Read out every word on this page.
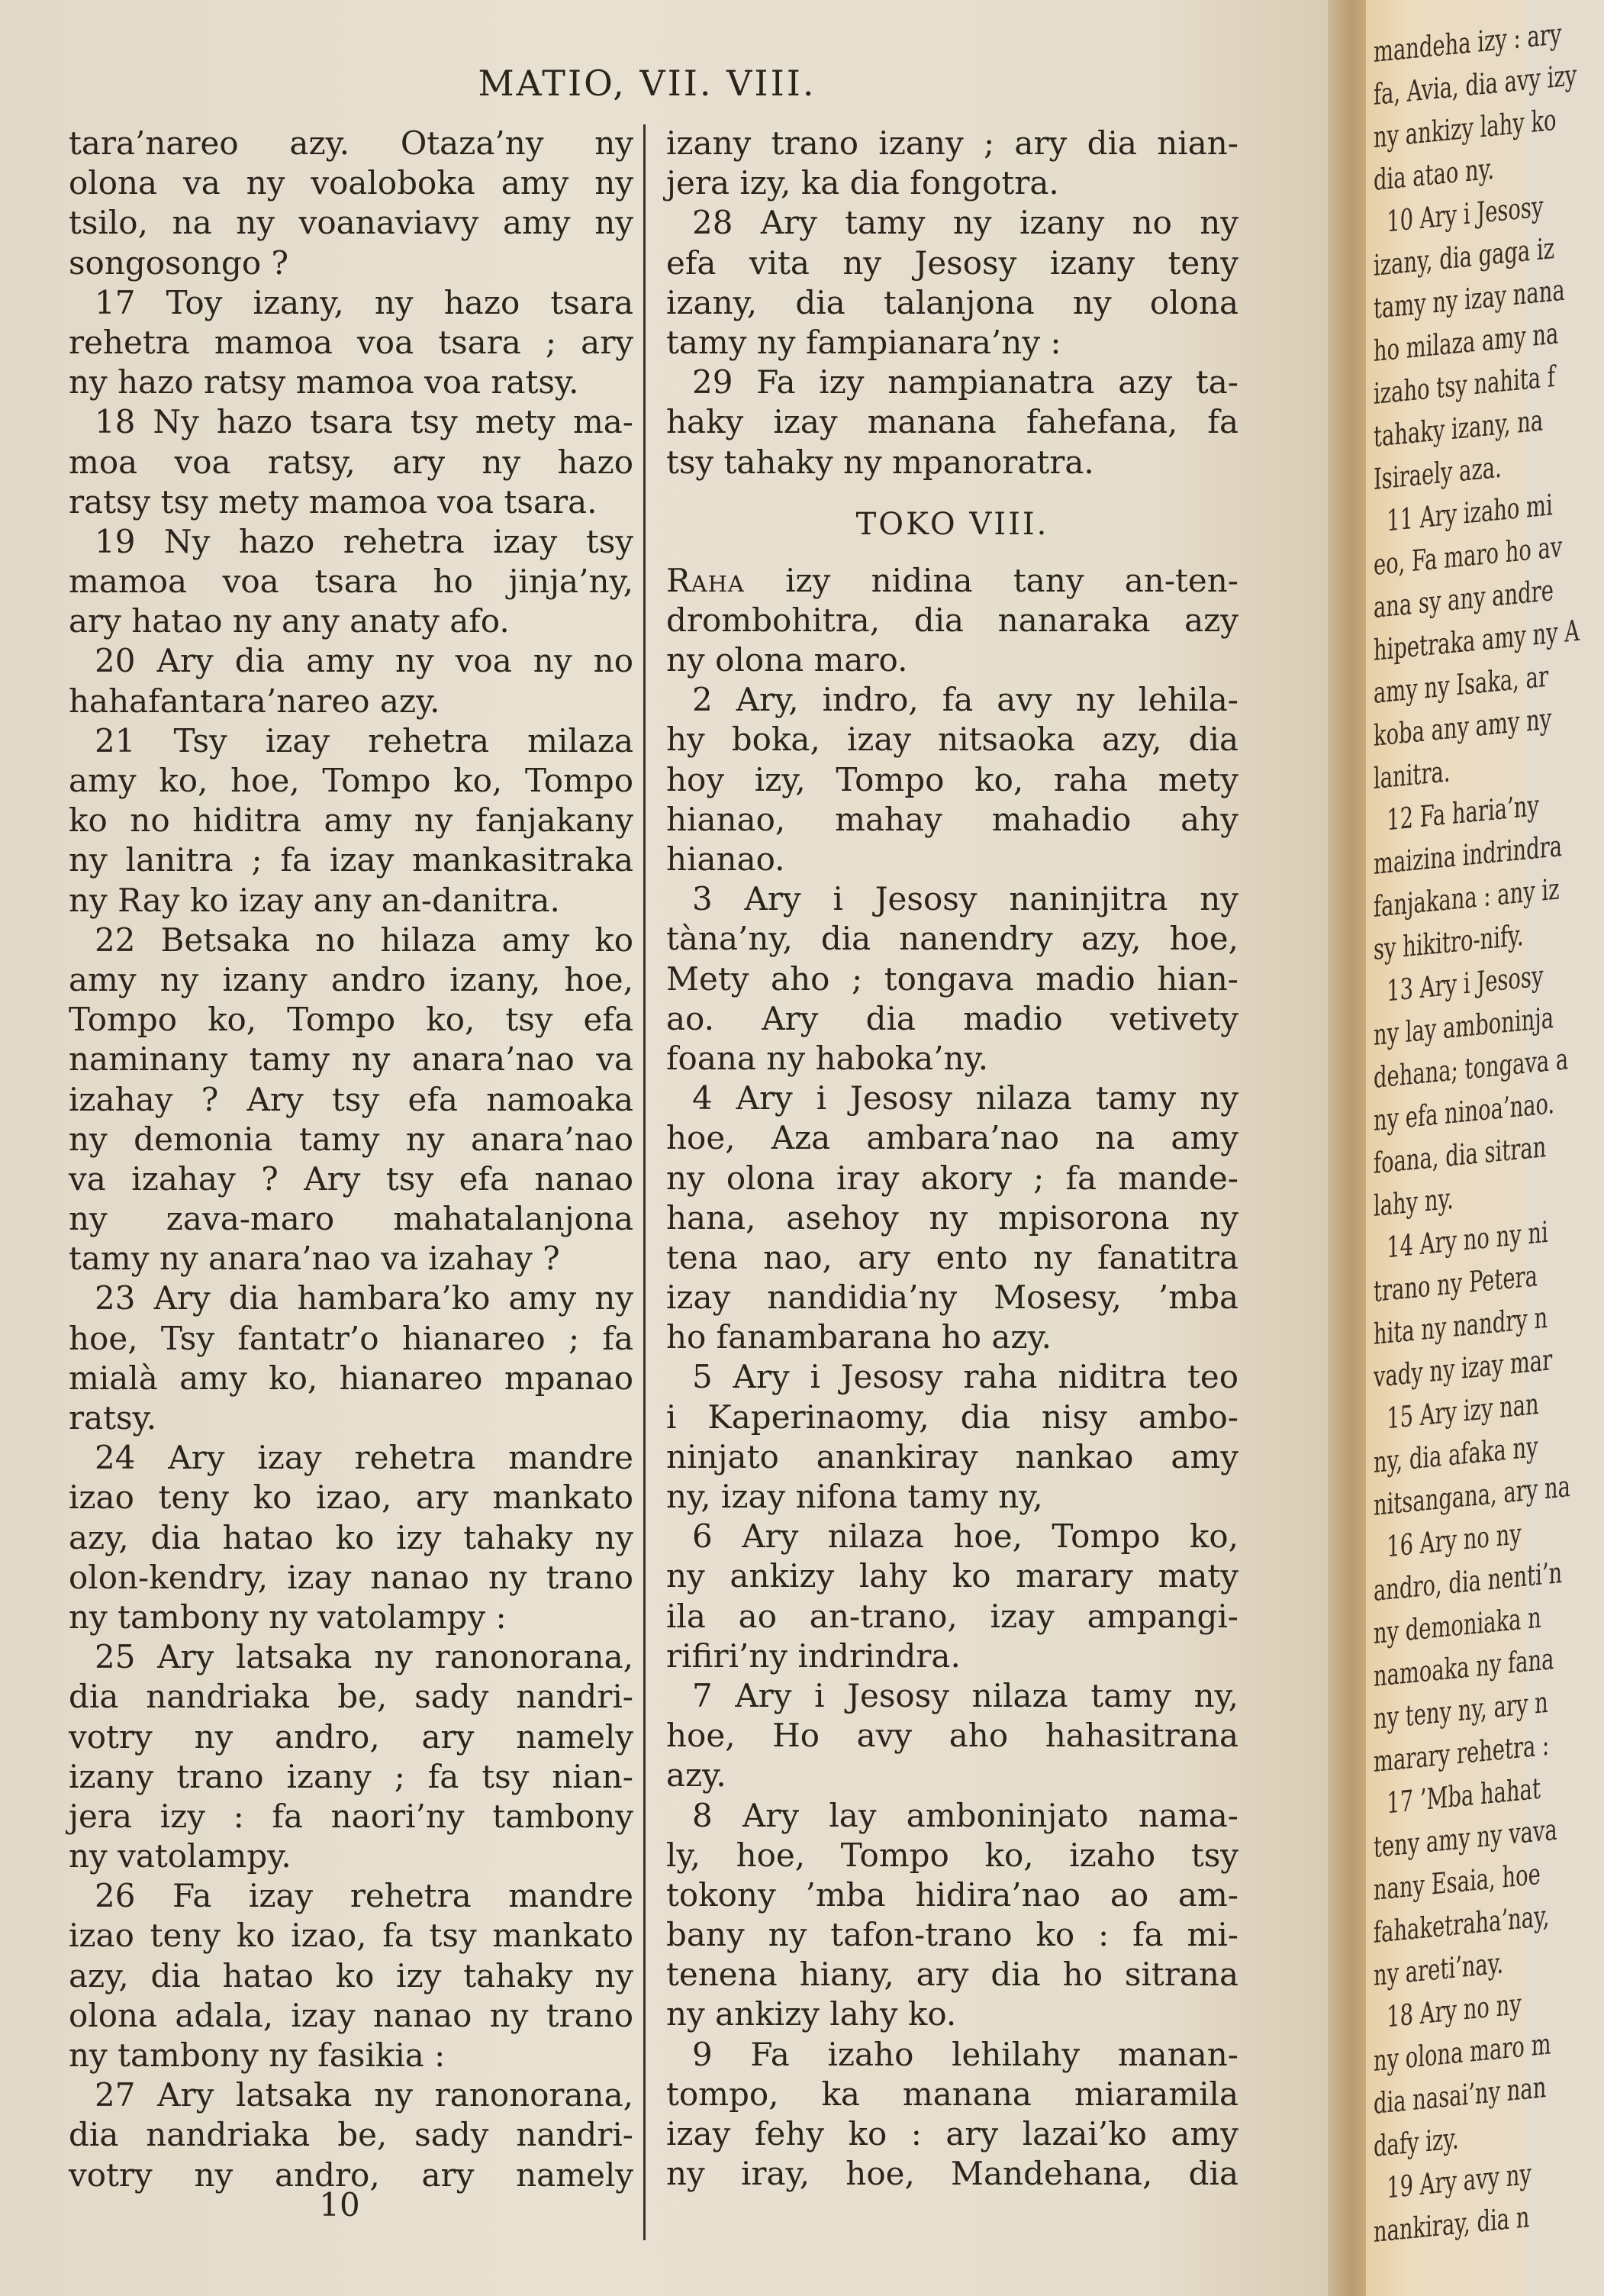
MATIO, VII. VIII.
tara’nareo azy. Otaza’ny ny
olona va ny voaloboka amy ny
tsilo, na ny voanaviavy amy ny
songosongo ?
17 Toy izany, ny hazo tsara
rehetra mamoa voa tsara ; ary
ny hazo ratsy mamoa voa ratsy.
18 Ny hazo tsara tsy mety ma-
moa voa ratsy, ary ny hazo
ratsy tsy mety mamoa voa tsara.
19 Ny hazo rehetra izay tsy
mamoa voa tsara ho jinja’ny,
ary hatao ny any anaty afo.
20 Ary dia amy ny voa ny no
hahafantara’nareo azy.
21 Tsy izay rehetra milaza
amy ko, hoe, Tompo ko, Tompo
ko no hiditra amy ny fanjakany
ny lanitra ; fa izay mankasitraka
ny Ray ko izay any an-danitra.
22 Betsaka no hilaza amy ko
amy ny izany andro izany, hoe,
Tompo ko, Tompo ko, tsy efa
naminany tamy ny anara’nao va
izahay ? Ary tsy efa namoaka
ny demonia tamy ny anara’nao
va izahay ? Ary tsy efa nanao
ny zava-maro mahatalanjona
tamy ny anara’nao va izahay ?
23 Ary dia hambara’ko amy ny
hoe, Tsy fantatr’o hianareo ; fa
mialà amy ko, hianareo mpanao
ratsy.
24 Ary izay rehetra mandre
izao teny ko izao, ary mankato
azy, dia hatao ko izy tahaky ny
olon-kendry, izay nanao ny trano
ny tambony ny vatolampy :
25 Ary latsaka ny ranonorana,
dia nandriaka be, sady nandri-
votry ny andro, ary namely
izany trano izany ; fa tsy nian-
jera izy : fa naori’ny tambony
ny vatolampy.
26 Fa izay rehetra mandre
izao teny ko izao, fa tsy mankato
azy, dia hatao ko izy tahaky ny
olona adala, izay nanao ny trano
ny tambony ny fasikia :
27 Ary latsaka ny ranonorana,
dia nandriaka be, sady nandri-
votry ny andro, ary namely
izany trano izany ; ary dia nian-
jera izy, ka dia fongotra.
28 Ary tamy ny izany no ny
efa vita ny Jesosy izany teny
izany, dia talanjona ny olona
tamy ny fampianara’ny :
29 Fa izy nampianatra azy ta-
haky izay manana fahefana, fa
tsy tahaky ny mpanoratra.
TOKO VIII.
Raha izy nidina tany an-ten-
drombohitra, dia nanaraka azy
ny olona maro.
2 Ary, indro, fa avy ny lehila-
hy boka, izay nitsaoka azy, dia
hoy izy, Tompo ko, raha mety
hianao, mahay mahadio ahy
hianao.
3 Ary i Jesosy naninjitra ny
tàna’ny, dia nanendry azy, hoe,
Mety aho ; tongava madio hian-
ao. Ary dia madio vetivety
foana ny haboka’ny.
4 Ary i Jesosy nilaza tamy ny
hoe, Aza ambara’nao na amy
ny olona iray akory ; fa mande-
hana, asehoy ny mpisorona ny
tena nao, ary ento ny fanatitra
izay nandidia’ny Mosesy, ’mba
ho fanambarana ho azy.
5 Ary i Jesosy raha niditra teo
i Kaperinaomy, dia nisy ambo-
ninjato anankiray nankao amy
ny, izay nifona tamy ny,
6 Ary nilaza hoe, Tompo ko,
ny ankizy lahy ko marary maty
ila ao an-trano, izay ampangi-
rifiri’ny indrindra.
7 Ary i Jesosy nilaza tamy ny,
hoe, Ho avy aho hahasitrana
azy.
8 Ary lay amboninjato nama-
ly, hoe, Tompo ko, izaho tsy
tokony ’mba hidira’nao ao am-
bany ny tafon-trano ko : fa mi-
tenena hiany, ary dia ho sitrana
ny ankizy lahy ko.
9 Fa izaho lehilahy manan-
tompo, ka manana miaramila
izay fehy ko : ary lazai’ko amy
ny iray, hoe, Mandehana, dia
10
mandeha izy : ary
fa, Avia, dia avy izy
ny ankizy lahy ko
dia atao ny.
10 Ary i Jesosy
izany, dia gaga iz
tamy ny izay nana
ho milaza amy na
izaho tsy nahita f
tahaky izany, na
Isiraely aza.
11 Ary izaho mi
eo, Fa maro ho av
ana sy any andre
hipetraka amy ny A
amy ny Isaka, ar
koba any amy ny
lanitra.
12 Fa haria’ny
maizina indrindra
fanjakana : any iz
sy hikitro-nify.
13 Ary i Jesosy
ny lay amboninja
dehana; tongava a
ny efa ninoa’nao.
foana, dia sitran
lahy ny.
14 Ary no ny ni
trano ny Petera
hita ny nandry n
vady ny izay mar
15 Ary izy nan
ny, dia afaka ny
nitsangana, ary na
16 Ary no ny
andro, dia nenti’n
ny demoniaka n
namoaka ny fana
ny teny ny, ary n
marary rehetra :
17 ’Mba hahat
teny amy ny vava
nany Esaia, hoe
fahaketraha’nay,
ny areti’nay.
18 Ary no ny
ny olona maro m
dia nasai’ny nan
dafy izy.
19 Ary avy ny
nankiray, dia n
